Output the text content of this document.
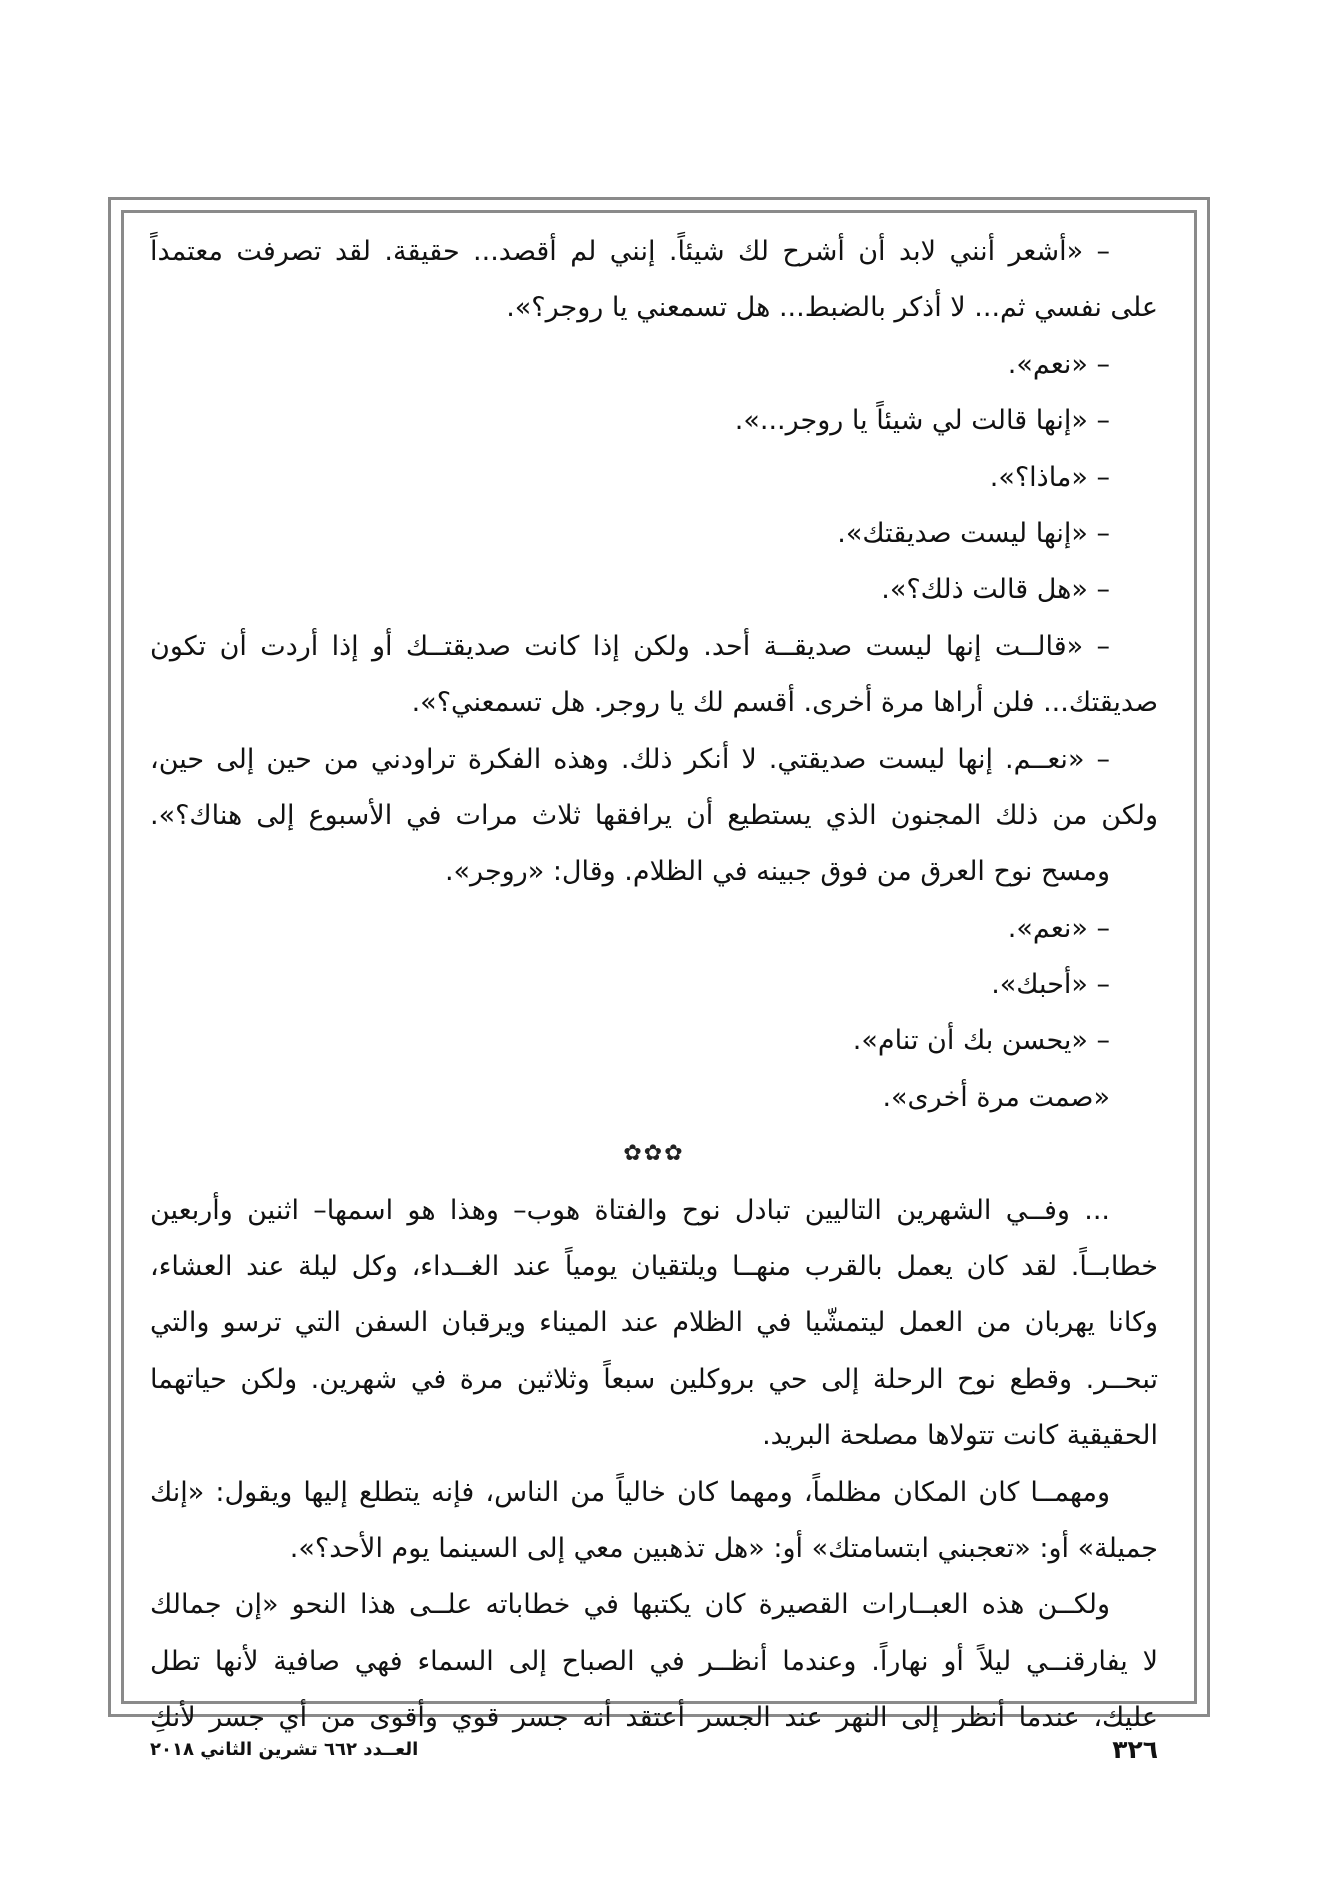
– «أشعر أنني لابد أن أشرح لك شيئاً. إنني لم أقصد... حقيقة. لقد تصرفت معتمداً
على نفسي ثم... لا أذكر بالضبط... هل تسمعني يا روجر؟».
– «نعم».
– «إنها قالت لي شيئاً يا روجر...».
– «ماذا؟».
– «إنها ليست صديقتك».
– «هل قالت ذلك؟».
– «قالــت إنها ليست صديقــة أحد. ولكن إذا كانت صديقتــك أو إذا أردت أن تكون
صديقتك... فلن أراها مرة أخرى. أقسم لك يا روجر. هل تسمعني؟».
– «نعــم. إنها ليست صديقتي. لا أنكر ذلك. وهذه الفكرة تراودني من حين إلى حين،
ولكن من ذلك المجنون الذي يستطيع أن يرافقها ثلاث مرات في الأسبوع إلى هناك؟».
ومسح نوح العرق من فوق جبينه في الظلام. وقال: «روجر».
– «نعم».
– «أحبك».
– «يحسن بك أن تنام».
«صمت مرة أخرى».
✿✿✿
... وفــي الشهرين التاليين تبادل نوح والفتاة هوب– وهذا هو اسمها– اثنين وأربعين
خطابــاً. لقد كان يعمل بالقرب منهــا ويلتقيان يومياً عند الغــداء، وكل ليلة عند العشاء،
وكانا يهربان من العمل ليتمشّيا في الظلام عند الميناء ويرقبان السفن التي ترسو والتي
تبحــر. وقطع نوح الرحلة إلى حي بروكلين سبعاً وثلاثين مرة في شهرين. ولكن حياتهما
الحقيقية كانت تتولاها مصلحة البريد.
ومهمــا كان المكان مظلماً، ومهما كان خالياً من الناس، فإنه يتطلع إليها ويقول: «إنك
جميلة» أو: «تعجبني ابتسامتك» أو: «هل تذهبين معي إلى السينما يوم الأحد؟».
ولكــن هذه العبــارات القصيرة كان يكتبها في خطاباته علــى هذا النحو «إن جمالك
لا يفارقنــي ليلاً أو نهاراً. وعندما أنظــر في الصباح إلى السماء فهي صافية لأنها تطل
عليك، عندما أنظر إلى النهر عند الجسر أعتقد أنه جسر قوي وأقوى من أي جسر لأنكِ
٣٢٦
العــدد ٦٦٢ تشرين الثاني ٢٠١٨
